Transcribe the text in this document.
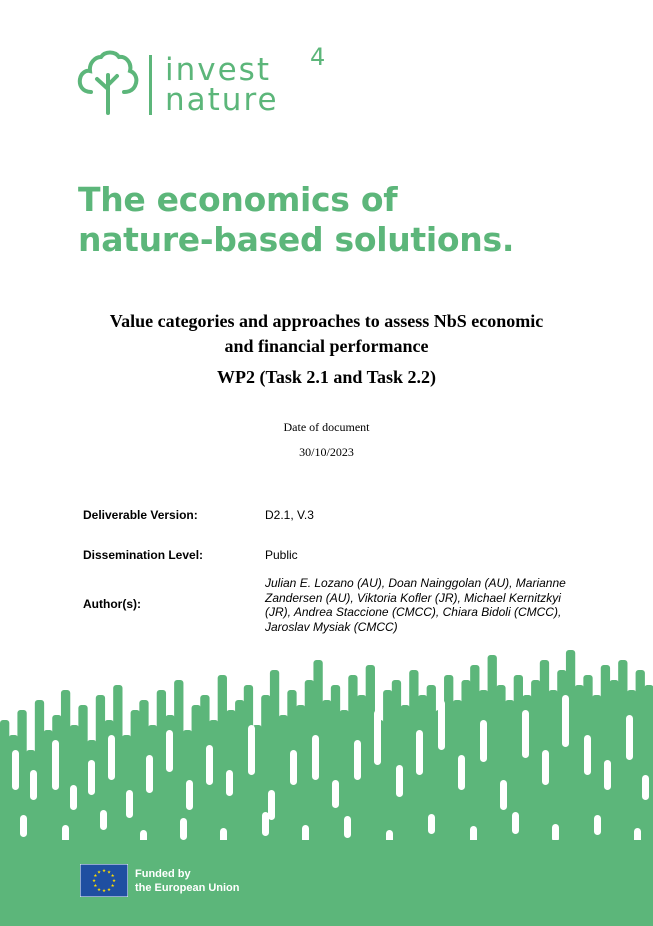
invest
nature
4
The economics of
nature-based solutions.
Value categories and approaches to assess NbS economic
and financial performance
WP2 (Task 2.1 and Task 2.2)
Date of document
30/10/2023
Deliverable Version:	D2.1, V.3
Dissemination Level:	Public
Author(s):
Julian E. Lozano (AU), Doan Nainggolan (AU), Marianne
Zandersen (AU), Viktoria Kofler (JR), Michael Kernitzkyi
(JR), Andrea Staccione (CMCC), Chiara Bidoli (CMCC),
Jaroslav Mysiak (CMCC)
★
★
★
★
★
★
★
★
★ ★ ★
★ Funded by
the European Union
